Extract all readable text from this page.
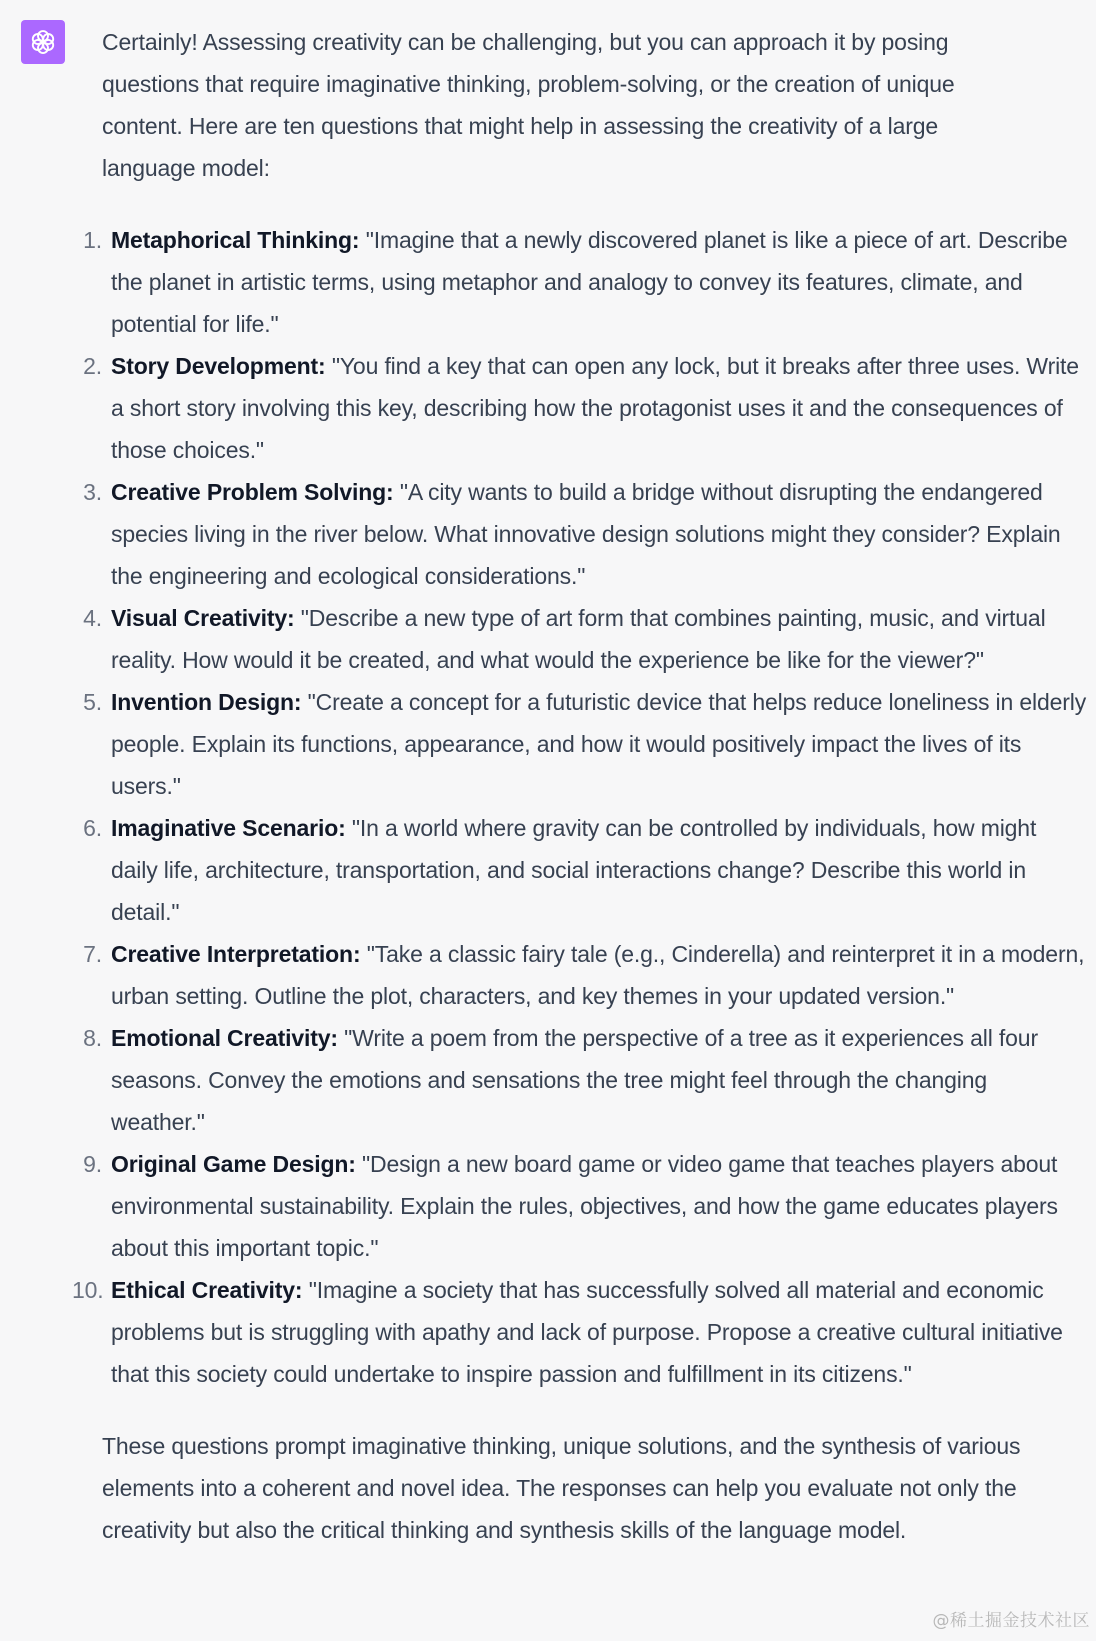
Certainly! Assessing creativity can be challenging, but you can approach it by posing questions that require imaginative thinking, problem-solving, or the creation of unique content. Here are ten questions that might help in assessing the creativity of a large language model:

1. Metaphorical Thinking: "Imagine that a newly discovered planet is like a piece of art. Describe the planet in artistic terms, using metaphor and analogy to convey its features, climate, and potential for life."
2. Story Development: "You find a key that can open any lock, but it breaks after three uses. Write a short story involving this key, describing how the protagonist uses it and the consequences of those choices."
3. Creative Problem Solving: "A city wants to build a bridge without disrupting the endangered species living in the river below. What innovative design solutions might they consider? Explain the engineering and ecological considerations."
4. Visual Creativity: "Describe a new type of art form that combines painting, music, and virtual reality. How would it be created, and what would the experience be like for the viewer?"
5. Invention Design: "Create a concept for a futuristic device that helps reduce loneliness in elderly people. Explain its functions, appearance, and how it would positively impact the lives of its users."
6. Imaginative Scenario: "In a world where gravity can be controlled by individuals, how might daily life, architecture, transportation, and social interactions change? Describe this world in detail."
7. Creative Interpretation: "Take a classic fairy tale (e.g., Cinderella) and reinterpret it in a modern, urban setting. Outline the plot, characters, and key themes in your updated version."
8. Emotional Creativity: "Write a poem from the perspective of a tree as it experiences all four seasons. Convey the emotions and sensations the tree might feel through the changing weather."
9. Original Game Design: "Design a new board game or video game that teaches players about environmental sustainability. Explain the rules, objectives, and how the game educates players about this important topic."
10. Ethical Creativity: "Imagine a society that has successfully solved all material and economic problems but is struggling with apathy and lack of purpose. Propose a creative cultural initiative that this society could undertake to inspire passion and fulfillment in its citizens."

These questions prompt imaginative thinking, unique solutions, and the synthesis of various elements into a coherent and novel idea. The responses can help you evaluate not only the creativity but also the critical thinking and synthesis skills of the language model.

@稀土掘金技术社区
